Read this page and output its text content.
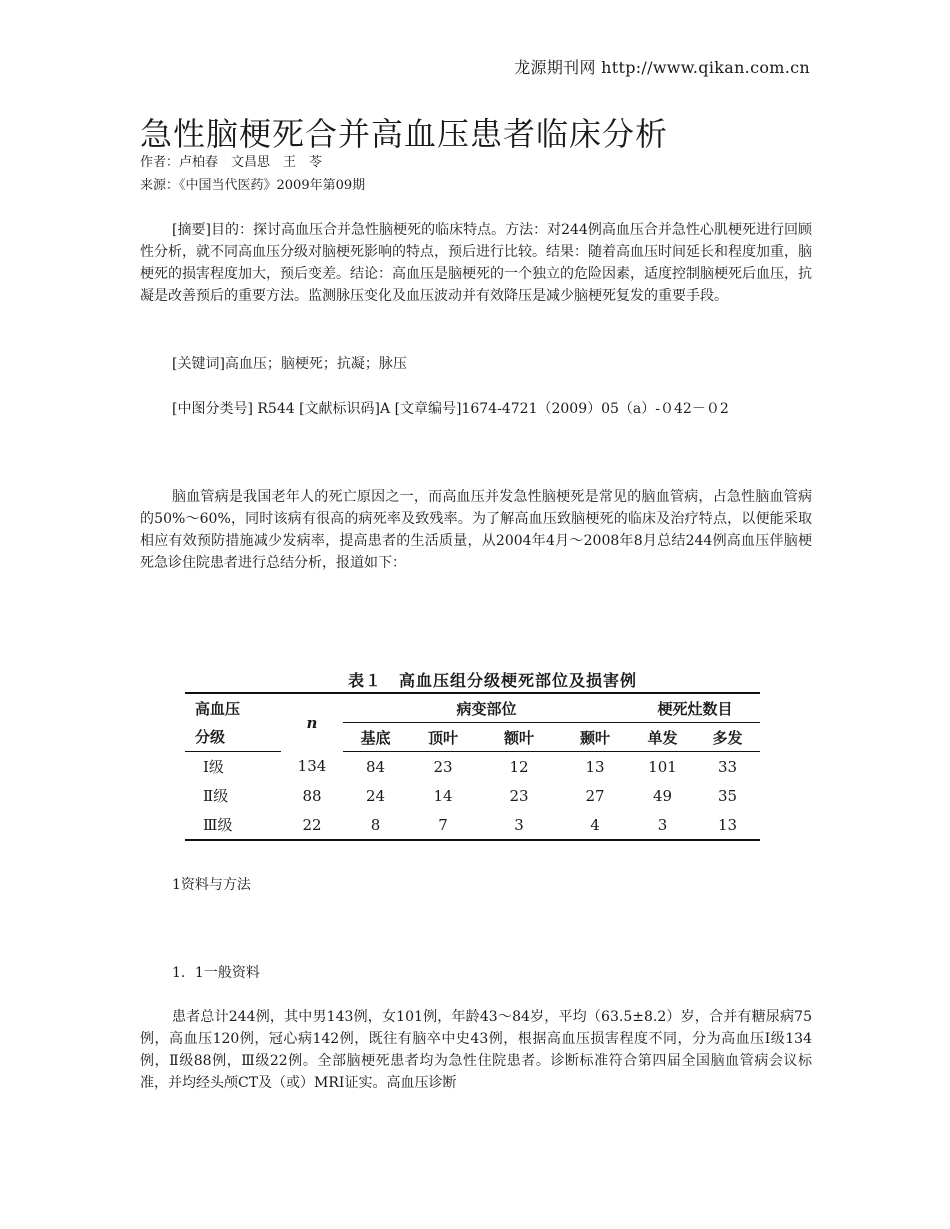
龙源期刊网 http://www.qikan.com.cn
急性脑梗死合并高血压患者临床分析
作者：卢柏春　文昌思　王　苓
来源：《中国当代医药》2009年第09期

[摘要]目的：探讨高血压合并急性脑梗死的临床特点。方法：对244例高血压合并急性心肌梗死进行回顾性分析，就不同高血压分级对脑梗死影响的特点，预后进行比较。结果：随着高血压时间延长和程度加重，脑梗死的损害程度加大，预后变差。结论：高血压是脑梗死的一个独立的危险因素，适度控制脑梗死后血压，抗凝是改善预后的重要方法。监测脉压变化及血压波动并有效降压是减少脑梗死复发的重要手段。

[关键词]高血压；脑梗死；抗凝；脉压
[中图分类号] R544 [文献标识码]A [文章编号]1674-4721（2009）05（a）-０42－０2

脑血管病是我国老年人的死亡原因之一，而高血压并发急性脑梗死是常见的脑血管病，占急性脑血管病的50%～60%，同时该病有很高的病死率及致残率。为了解高血压致脑梗死的临床及治疗特点，以便能采取相应有效预防措施减少发病率，提高患者的生活质量，从2004年4月～2008年8月总结244例高血压伴脑梗死急诊住院患者进行总结分析，报道如下：

表１　高血压组分级梗死部位及损害例
高血压	n	病变部位				梗死灶数目	
分级		基底	顶叶	额叶	颞叶	单发	多发
Ⅰ级	134	84	23	12	13	101	33
Ⅱ级	88	24	14	23	27	49	35
Ⅲ级	22	8	7	3	4	3	13
1资料与方法
1．1一般资料

患者总计244例，其中男143例，女101例，年龄43～84岁，平均（63.5±8.2）岁，合并有糖尿病75例，高血压120例，冠心病142例，既往有脑卒中史43例，根据高血压损害程度不同，分为高血压Ⅰ级134例，Ⅱ级88例，Ⅲ级22例。全部脑梗死患者均为急性住院患者。诊断标准符合第四届全国脑血管病会议标准，并均经头颅CT及（或）MRI证实。高血压诊断
